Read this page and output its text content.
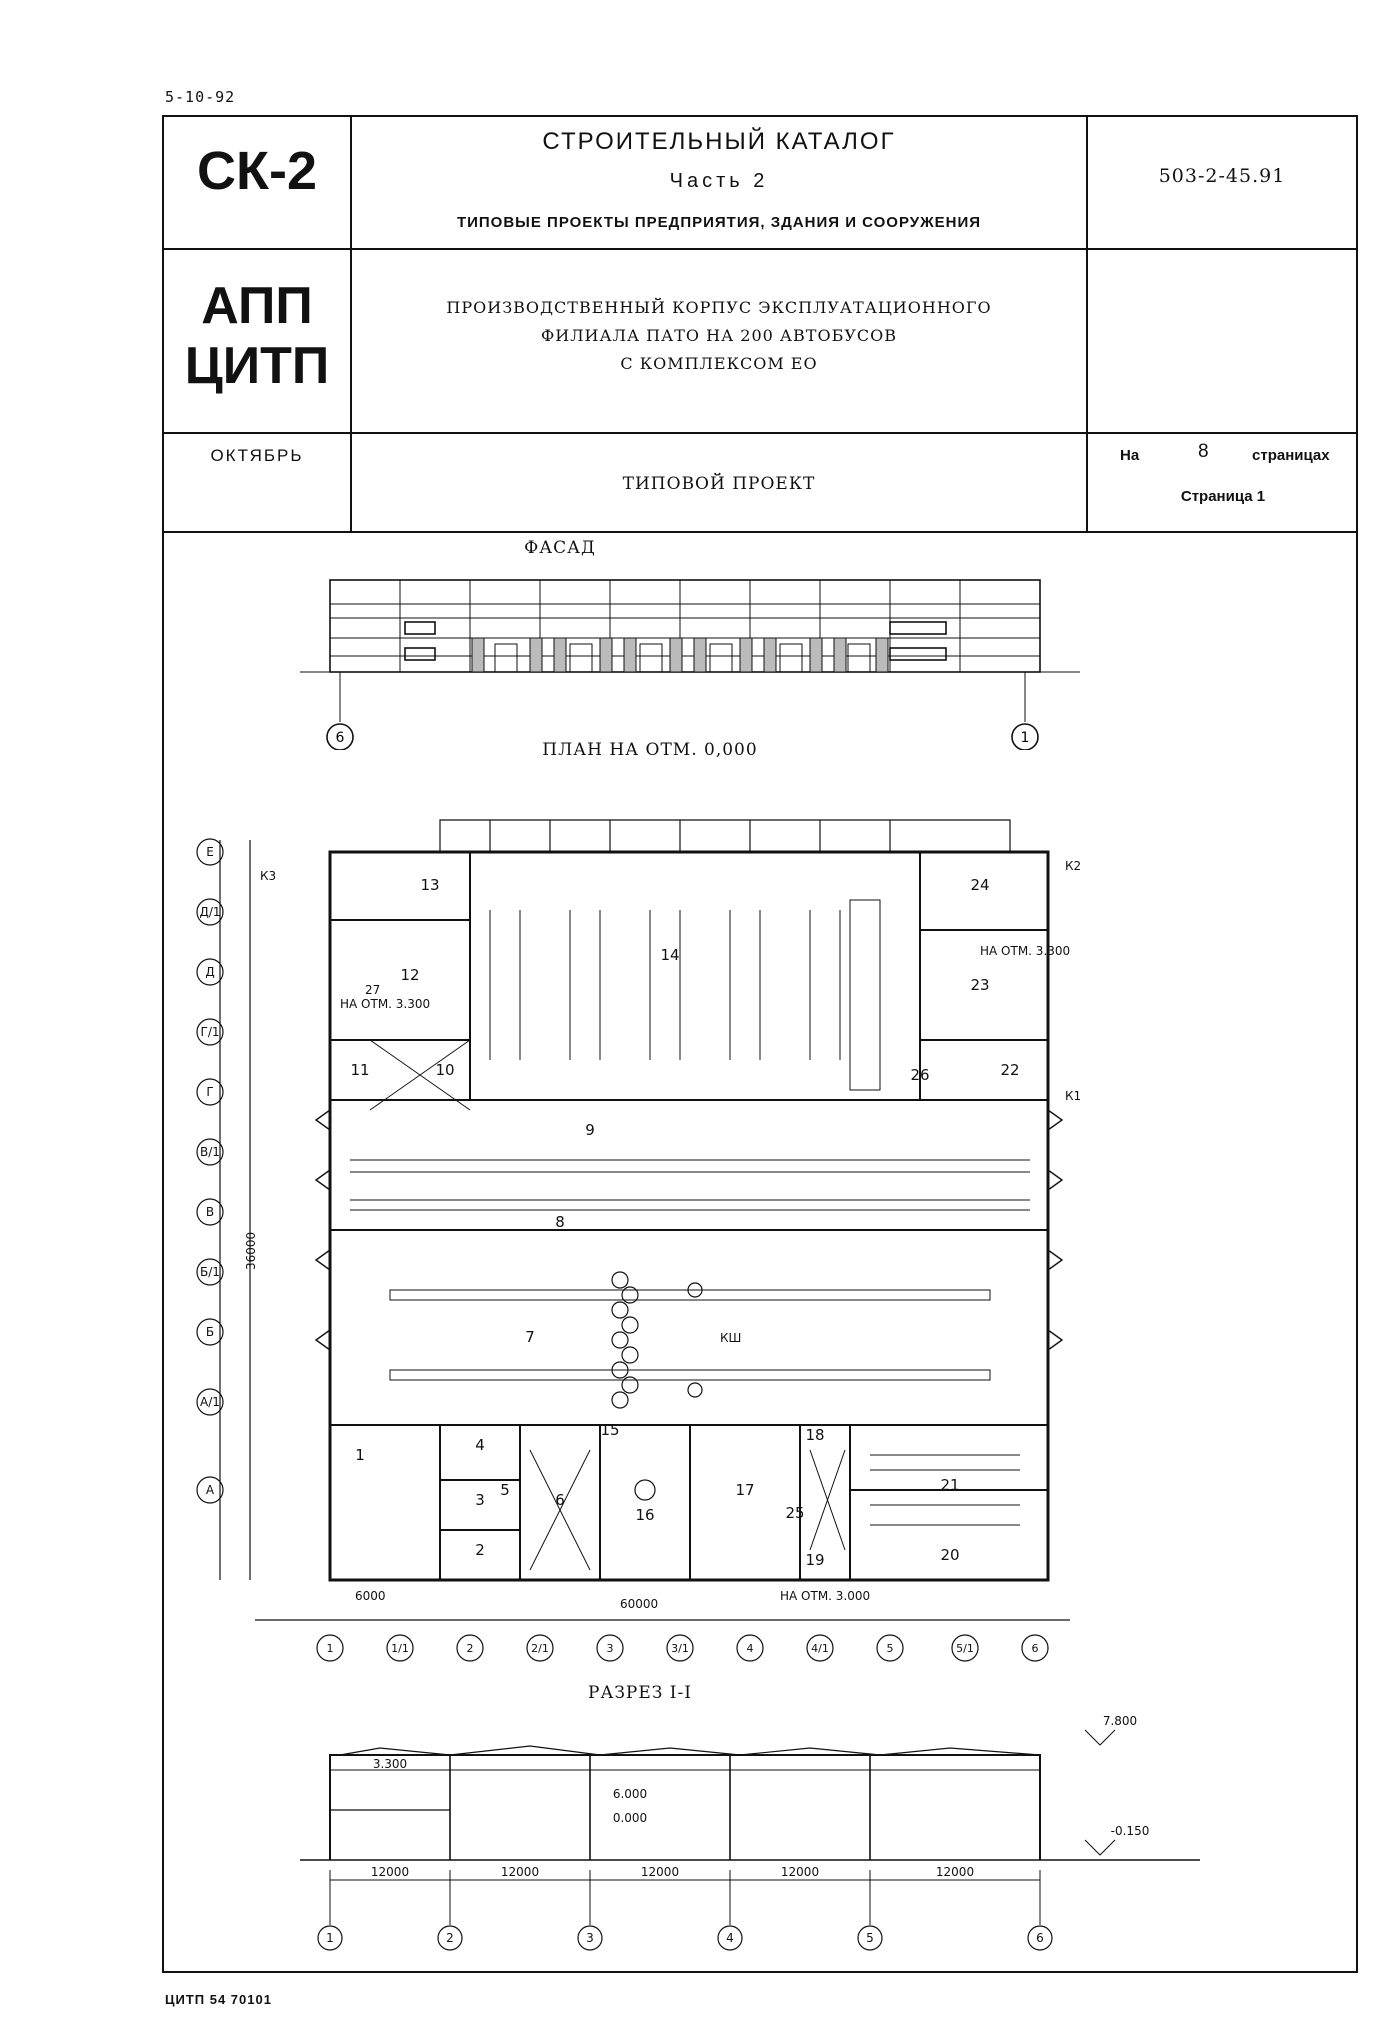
5-10-92
СК-2
АПП
ЦИТП
ОКТЯБРЬ
СТРОИТЕЛЬНЫЙ КАТАЛОГ
Часть 2
ТИПОВЫЕ ПРОЕКТЫ ПРЕДПРИЯТИЯ, ЗДАНИЯ И СООРУЖЕНИЯ
503-2-45.91
ПРОИЗВОДСТВЕННЫЙ КОРПУС ЭКСПЛУАТАЦИОННОГО
ФИЛИАЛА ПАТО НА 200 АВТОБУСОВ
С КОМПЛЕКСОМ ЕО
ТИПОВОЙ ПРОЕКТ
На	8	страницах
Страница 1
ФАСАД
ПЛАН НА ОТМ. 0,000
РАЗРЕЗ I-I
6	1
Е
Д/1
Д
Г/1
Г
В/1
В
Б/1
Б
А/1
А
1	1/1	2	2/1	3	3/1	4	4/1	5	5/1	6
13
12
14
24
23
22
10
11
9
8
7
1
2
3
4
5
6
16
17
18
19	20
21
25
26
15
К1
К2
К3
КШ
27
НА ОТМ. 3.300
НА ОТМ. 3.300
НА ОТМ. 3.000
6000
60000
36000
1	2	3	4	5	6
12000	12000	12000	12000	12000
7.800
6.000
0.000
3.300
-0.150
ЦИТП 54 70101
